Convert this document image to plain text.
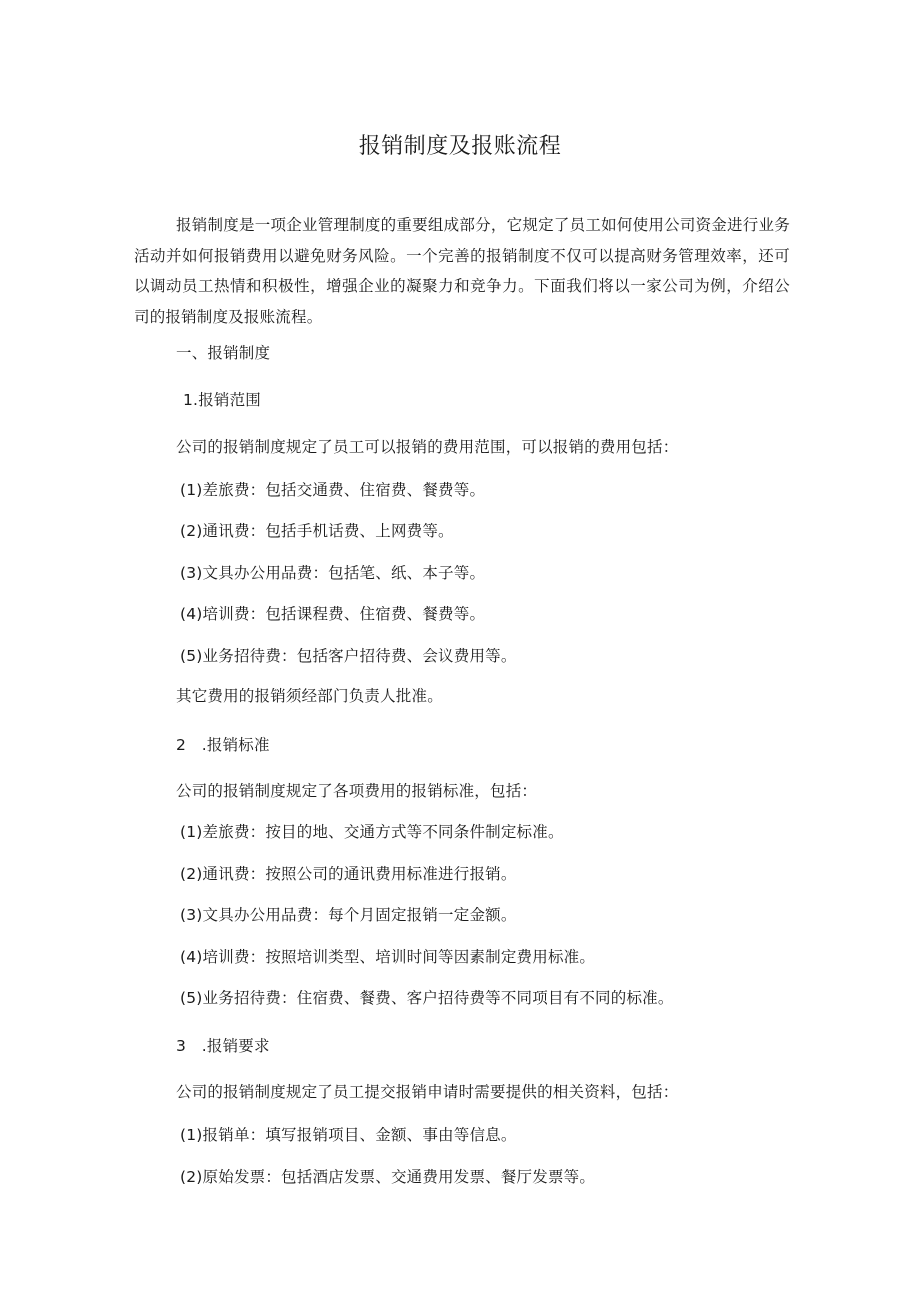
报销制度及报账流程
报销制度是一项企业管理制度的重要组成部分，它规定了员工如何使用公司资金进行业务活动并如何报销费用以避免财务风险。一个完善的报销制度不仅可以提高财务管理效率，还可以调动员工热情和积极性，增强企业的凝聚力和竞争力。下面我们将以一家公司为例，介绍公司的报销制度及报账流程。
一、报销制度
1.报销范围
公司的报销制度规定了员工可以报销的费用范围，可以报销的费用包括：
(1)差旅费：包括交通费、住宿费、餐费等。
(2)通讯费：包括手机话费、上网费等。
(3)文具办公用品费：包括笔、纸、本子等。
(4)培训费：包括课程费、住宿费、餐费等。
(5)业务招待费：包括客户招待费、会议费用等。
其它费用的报销须经部门负责人批准。
2　.报销标准
公司的报销制度规定了各项费用的报销标准，包括：
(1)差旅费：按目的地、交通方式等不同条件制定标准。
(2)通讯费：按照公司的通讯费用标准进行报销。
(3)文具办公用品费：每个月固定报销一定金额。
(4)培训费：按照培训类型、培训时间等因素制定费用标准。
(5)业务招待费：住宿费、餐费、客户招待费等不同项目有不同的标准。
3　.报销要求
公司的报销制度规定了员工提交报销申请时需要提供的相关资料，包括：
(1)报销单：填写报销项目、金额、事由等信息。
(2)原始发票：包括酒店发票、交通费用发票、餐厅发票等。
